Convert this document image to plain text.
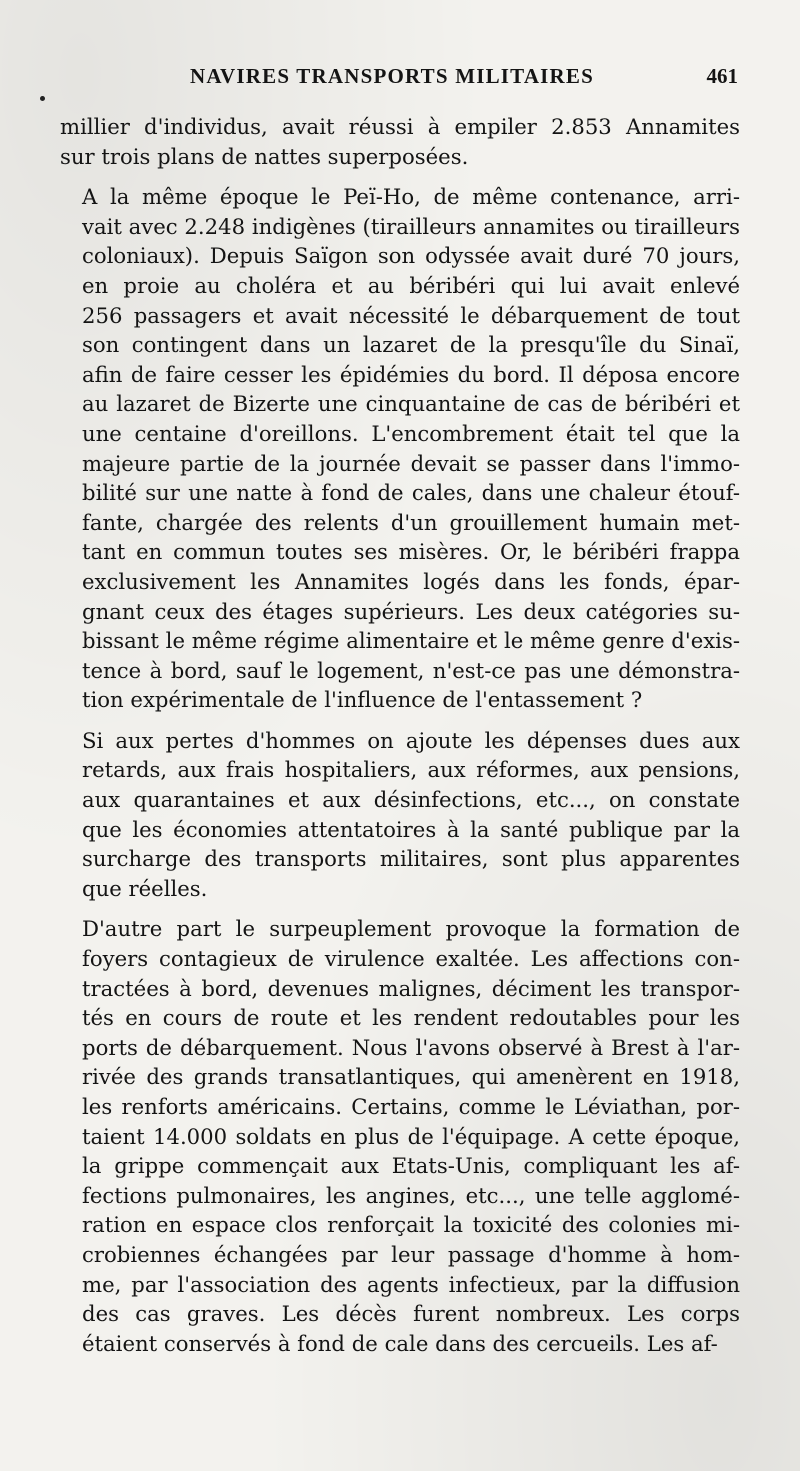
NAVIRES TRANSPORTS MILITAIRES	461

millier d'individus, avait réussi à empiler 2.853 Annamites
sur trois plans de nattes superposées.

A la même époque le Peï-Ho, de même contenance, arri-
vait avec 2.248 indigènes (tirailleurs annamites ou tirailleurs
coloniaux). Depuis Saïgon son odyssée avait duré 70 jours,
en proie au choléra et au béribéri qui lui avait enlevé
256 passagers et avait nécessité le débarquement de tout
son contingent dans un lazaret de la presqu'île du Sinaï,
afin de faire cesser les épidémies du bord. Il déposa encore
au lazaret de Bizerte une cinquantaine de cas de béribéri et
une centaine d'oreillons. L'encombrement était tel que la
majeure partie de la journée devait se passer dans l'immo-
bilité sur une natte à fond de cales, dans une chaleur étouf-
fante, chargée des relents d'un grouillement humain met-
tant en commun toutes ses misères. Or, le béribéri frappa
exclusivement les Annamites logés dans les fonds, épar-
gnant ceux des étages supérieurs. Les deux catégories su-
bissant le même régime alimentaire et le même genre d'exis-
tence à bord, sauf le logement, n'est-ce pas une démonstra-
tion expérimentale de l'influence de l'entassement ?

Si aux pertes d'hommes on ajoute les dépenses dues aux
retards, aux frais hospitaliers, aux réformes, aux pensions,
aux quarantaines et aux désinfections, etc..., on constate
que les économies attentatoires à la santé publique par la
surcharge des transports militaires, sont plus apparentes
que réelles.

D'autre part le surpeuplement provoque la formation de
foyers contagieux de virulence exaltée. Les affections con-
tractées à bord, devenues malignes, déciment les transpor-
tés en cours de route et les rendent redoutables pour les
ports de débarquement. Nous l'avons observé à Brest à l'ar-
rivée des grands transatlantiques, qui amenèrent en 1918,
les renforts américains. Certains, comme le Léviathan, por-
taient 14.000 soldats en plus de l'équipage. A cette époque,
la grippe commençait aux Etats-Unis, compliquant les af-
fections pulmonaires, les angines, etc..., une telle agglomé-
ration en espace clos renforçait la toxicité des colonies mi-
crobiennes échangées par leur passage d'homme à hom-
me, par l'association des agents infectieux, par la diffusion
des cas graves. Les décès furent nombreux. Les corps
étaient conservés à fond de cale dans des cercueils. Les af-
